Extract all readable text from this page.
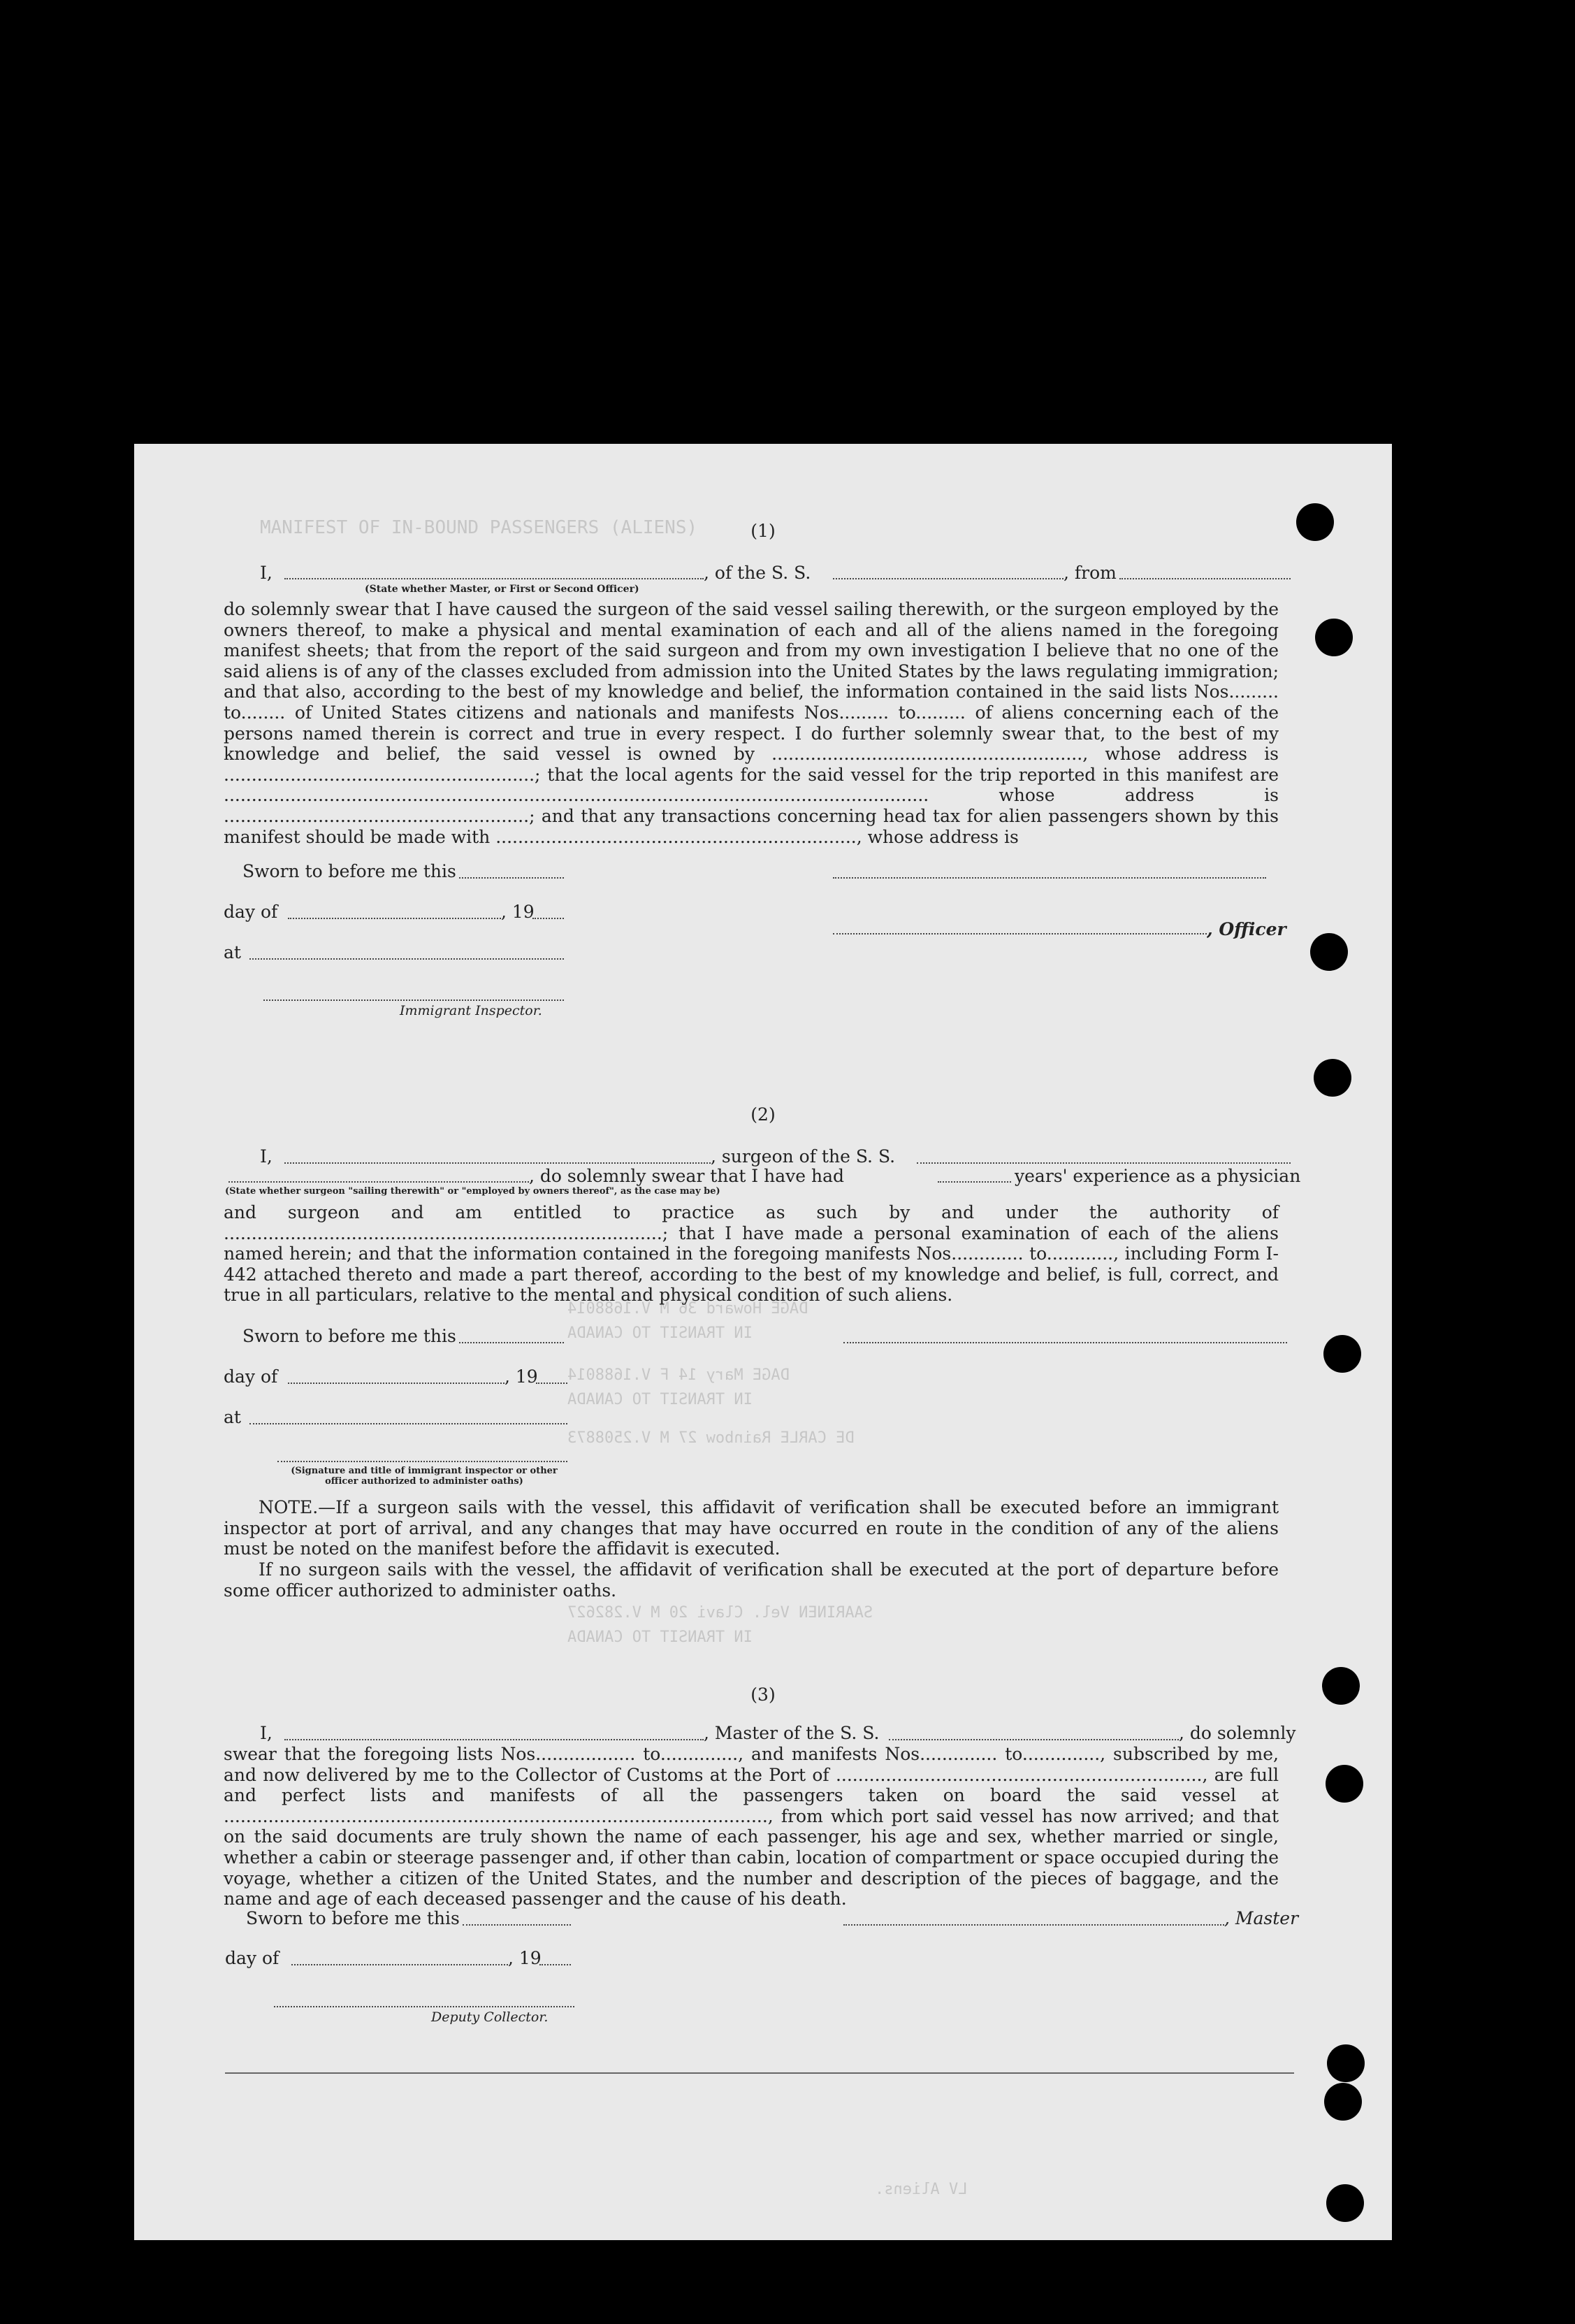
MANIFEST OF IN-BOUND PASSENGERS (ALIENS)
DAGE Howard 36 M V.1688014
IN TRANSIT TO CANADA
DAGE Mary 14 F V.1688014
IN TRANSIT TO CANADA
DE CARLE Rainbow 27 M V.2508873
SAARINEN Vel. Clavi 20 M V.282627
IN TRANSIT TO CANADA
LV Aliens.
(1)
I,	, of the S. S.	, from
(State whether Master, or First or Second Officer)
do solemnly swear that I have caused the surgeon of the said vessel sailing therewith, or the surgeon employed by the owners thereof, to make a physical and mental examination of each and all of the aliens named in the foregoing manifest sheets; that from the report of the said surgeon and from my own investigation I believe that no one of the said aliens is of any of the classes excluded from admission into the United States by the laws regulating immigration; and that also, according to the best of my knowledge and belief, the information contained in the said lists Nos......... to........ of United States citizens and nationals and manifests Nos......... to......... of aliens concerning each of the persons named therein is correct and true in every respect. I do further solemnly swear that, to the best of my knowledge and belief, the said vessel is owned by ........................................................, whose address is ........................................................; that the local agents for the said vessel for the trip reported in this manifest are ............................................................................................................................... whose address is .......................................................; and that any transactions concerning head tax for alien passengers shown by this manifest should be made with ................................................................., whose address is
Sworn to before me this
day of	, 19
, Officer
at
Immigrant Inspector.
(2)
I,	, surgeon of the S. S.
, do solemnly swear that I have had	years' experience as a physician
(State whether surgeon "sailing therewith" or "employed by owners thereof", as the case may be)
and surgeon and am entitled to practice as such by and under the authority of ...............................................................................; that I have made a personal examination of each of the aliens named herein; and that the information contained in the foregoing manifests Nos............. to............, including Form I-442 attached thereto and made a part thereof, according to the best of my knowledge and belief, is full, correct, and true in all particulars, relative to the mental and physical condition of such aliens.
Sworn to before me this
day of	, 19
at
(Signature and title of immigrant inspector or other officer authorized to administer oaths)
NOTE.—If a surgeon sails with the vessel, this affidavit of verification shall be executed before an immigrant inspector at port of arrival, and any changes that may have occurred en route in the condition of any of the aliens must be noted on the manifest before the affidavit is executed.
If no surgeon sails with the vessel, the affidavit of verification shall be executed at the port of departure before some officer authorized to administer oaths.
(3)
I,	, Master of the S. S.	, do solemnly
swear that the foregoing lists Nos.................. to.............., and manifests Nos.............. to.............., subscribed by me, and now delivered by me to the Collector of Customs at the Port of .................................................................., are full and perfect lists and manifests of all the passengers taken on board the said vessel at .................................................................................................., from which port said vessel has now arrived; and that on the said documents are truly shown the name of each passenger, his age and sex, whether married or single, whether a cabin or steerage passenger and, if other than cabin, location of compartment or space occupied during the voyage, whether a citizen of the United States, and the number and description of the pieces of baggage, and the name and age of each deceased passenger and the cause of his death.
Sworn to before me this	, Master
day of	, 19
Deputy Collector.
